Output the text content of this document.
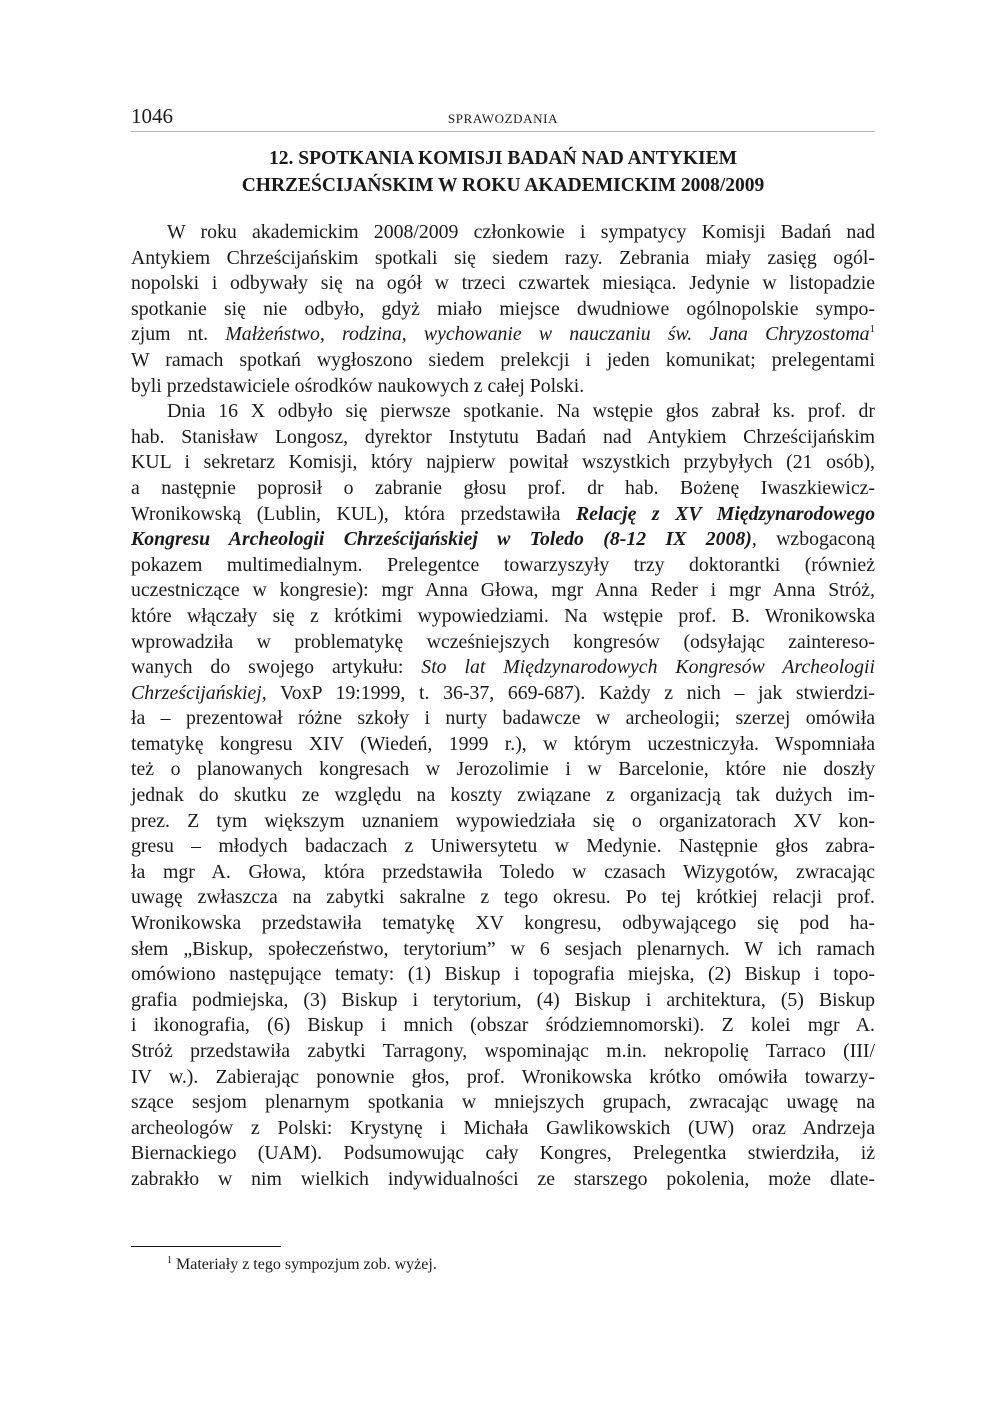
1046	SPRAWOZDANIA
12. SPOTKANIA KOMISJI BADAŃ NAD ANTYKIEM
CHRZEŚCIJAŃSKIM W ROKU AKADEMICKIM 2008/2009
W roku akademickim 2008/2009 członkowie i sympatycy Komisji Badań nad
Antykiem Chrześcijańskim spotkali się siedem razy. Zebrania miały zasięg ogól-
nopolski i odbywały się na ogół w trzeci czwartek miesiąca. Jedynie w listopadzie
spotkanie się nie odbyło, gdyż miało miejsce dwudniowe ogólnopolskie sympo-
zjum nt. Małżeństwo, rodzina, wychowanie w nauczaniu św. Jana Chryzostoma$^1$
W ramach spotkań wygłoszono siedem prelekcji i jeden komunikat; prelegentami
byli przedstawiciele ośrodków naukowych z całej Polski.
Dnia 16 X odbyło się pierwsze spotkanie. Na wstępie głos zabrał ks. prof. dr
hab. Stanisław Longosz, dyrektor Instytutu Badań nad Antykiem Chrześcijańskim
KUL i sekretarz Komisji, który najpierw powitał wszystkich przybyłych (21 osób),
a następnie poprosił o zabranie głosu prof. dr hab. Bożenę Iwaszkiewicz-
Wronikowską (Lublin, KUL), która przedstawiła Relację z XV Międzynarodowego
Kongresu Archeologii Chrześcijańskiej w Toledo (8-12 IX 2008), wzbogaconą
pokazem multimedialnym. Prelegentce towarzyszyły trzy doktorantki (również
uczestniczące w kongresie): mgr Anna Głowa, mgr Anna Reder i mgr Anna Stróż,
które włączały się z krótkimi wypowiedziami. Na wstępie prof. B. Wronikowska
wprowadziła w problematykę wcześniejszych kongresów (odsyłając zaintereso-
wanych do swojego artykułu: Sto lat Międzynarodowych Kongresów Archeologii
Chrześcijańskiej, VoxP 19:1999, t. 36-37, 669-687). Każdy z nich – jak stwierdzi-
ła – prezentował różne szkoły i nurty badawcze w archeologii; szerzej omówiła
tematykę kongresu XIV (Wiedeń, 1999 r.), w którym uczestniczyła. Wspomniała
też o planowanych kongresach w Jerozolimie i w Barcelonie, które nie doszły
jednak do skutku ze względu na koszty związane z organizacją tak dużych im-
prez. Z tym większym uznaniem wypowiedziała się o organizatorach XV kon-
gresu – młodych badaczach z Uniwersytetu w Medynie. Następnie głos zabra-
ła mgr A. Głowa, która przedstawiła Toledo w czasach Wizygotów, zwracając
uwagę zwłaszcza na zabytki sakralne z tego okresu. Po tej krótkiej relacji prof.
Wronikowska przedstawiła tematykę XV kongresu, odbywającego się pod ha-
słem „Biskup, społeczeństwo, terytorium” w 6 sesjach plenarnych. W ich ramach
omówiono następujące tematy: (1) Biskup i topografia miejska, (2) Biskup i topo-
grafia podmiejska, (3) Biskup i terytorium, (4) Biskup i architektura, (5) Biskup
i ikonografia, (6) Biskup i mnich (obszar śródziemnomorski). Z kolei mgr A.
Stróż przedstawiła zabytki Tarragony, wspominając m.in. nekropolię Tarraco (III/
IV w.). Zabierając ponownie głos, prof. Wronikowska krótko omówiła towarzy-
szące sesjom plenarnym spotkania w mniejszych grupach, zwracając uwagę na
archeologów z Polski: Krystynę i Michała Gawlikowskich (UW) oraz Andrzeja
Biernackiego (UAM). Podsumowując cały Kongres, Prelegentka stwierdziła, iż
zabrakło w nim wielkich indywidualności ze starszego pokolenia, może dlate-
$^1$ Materiały z tego sympozjum zob. wyżej.
